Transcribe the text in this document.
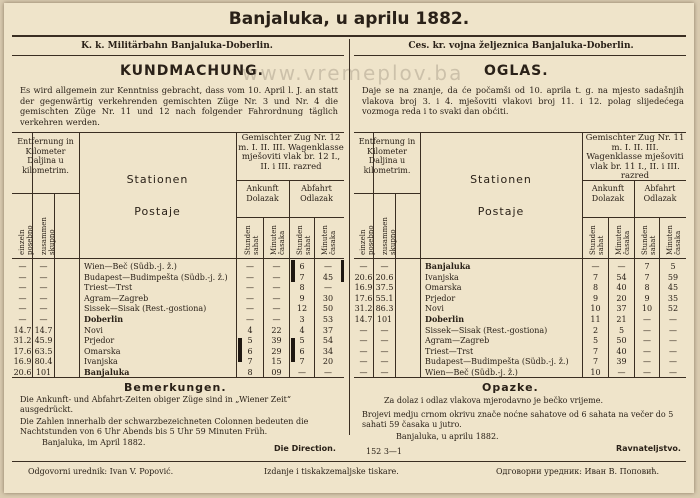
Banjaluka, u aprilu 1882.
K. k. Militärbahn Banjaluka-Doberlin.
KUNDMACHUNG.
www.vremeplov.ba
Es wird allgemein zur Kenntniss gebracht, dass vom 10. April l. J. an statt der gegenwärtig verkehrenden gemischten Züge Nr. 3 und Nr. 4 die gemischten Züge Nr. 11 und 12 nach folgender Fahrordnung täglich verkehren werden.
Entfernung in Kilometer Daljina u kilometrim.
einzeln posebno zusammen skupno
Stationen
Postaje
Gemischter Zug Nr. 12 m. I. II. III. Wagenklasse mješoviti vlak br. 12 I., II. i III. razred
Ankunft Dolazak
Abfahrt Odlazak
Stunden sahat Minuten časaka Stunden sahat Minuten časaka
—	—	Wien—Beč (Südb.-j. ž.)	—	—	6	—
—	—	Budapest—Budimpešta (Südb.-j. ž.)	—	—	7	45
—	—	Triest—Trst	—	—	8	—
—	—	Agram—Zagreb	—	—	9	30
—	—	Sissek—Sisak (Rest.-gostiona)	—	—	12	50
—	—	Doberlin	—	—	3	53
14.7 14.7	Novi	4	22	4	37
31.2 45.9	Prjedor	5	39	5	54
17.6 63.5	Omarska	6	29	6	34
16.9 80.4	Ivanjska	7	15	7	20
20.6 101	Banjaluka	8	09	—	—
Bemerkungen.
Die Ankunft- und Abfahrt-Zeiten obiger Züge sind in „Wiener Zeit“ ausgedrückt.
Die Zahlen innerhalb der schwarzbezeichneten Colonnen bedeuten die Nachtstunden von 6 Uhr Abends bis 5 Uhr 59 Minuten Früh.
Banjaluka, im April 1882.
Die Direction.
Ces. kr. vojna željeznica Banjaluka-Doberlin.
OGLAS.
Daje se na znanje, da će počamši od 10. aprila t. g. na mjesto sadašnjih vlakova broj 3. i 4. mješoviti vlakovi broj 11. i 12. polag slijedećega vozmoga reda i to svaki dan obćiti.
Entfernung in Kilometer Daljina u kilometrim.
einzeln posebno zusammen skupno
Stationen
Postaje
Gemischter Zug Nr. 11 m. I. II. III. Wagenklasse mješoviti vlak br. 11 I., II. i III. razred
Ankunft Dolazak
Abfahrt Odlazak
Stunden sahat Minuten časaka Stunden sahat Minuten časaka
—	—	Banjaluka	—	—	7	5
20.6 20.6	Ivanjska	7	54	7	59
16.9 37.5	Omarska	8	40	8	45
17.6 55.1	Prjedor	9	20	9	35
31.2 86.3	Novi	10	37	10	52
14.7 101	Doberlin	11	21	—	—
—	—	Sissek—Sisak (Rest.-gostiona)	2	5	—	—
—	—	Agram—Zagreb	5	50	—	—
—	—	Triest—Trst	7	40	—	—
—	—	Budapest—Budimpešta (Südb.-j. ž.)	7	39	—	—
—	—	Wien—Beč (Südb.-j. ž.)	10	—	—	—
Opazke.
Za dolaz i odlaz vlakova mjerodavno je bečko vrijeme.
Brojevi medju crnom okrivu znače noćne sahatove od 6 sahata na večer do 5 sahati 59 časaka u jutro.
Banjaluka, u aprilu 1882.
Ravnateljstvo.
152 3—1
Odgovorni urednik: Ivan V. Popović.	Izdanje i tiskakzemaljske tiskare.	Одговорни уредник: Иван В. Поповић.
